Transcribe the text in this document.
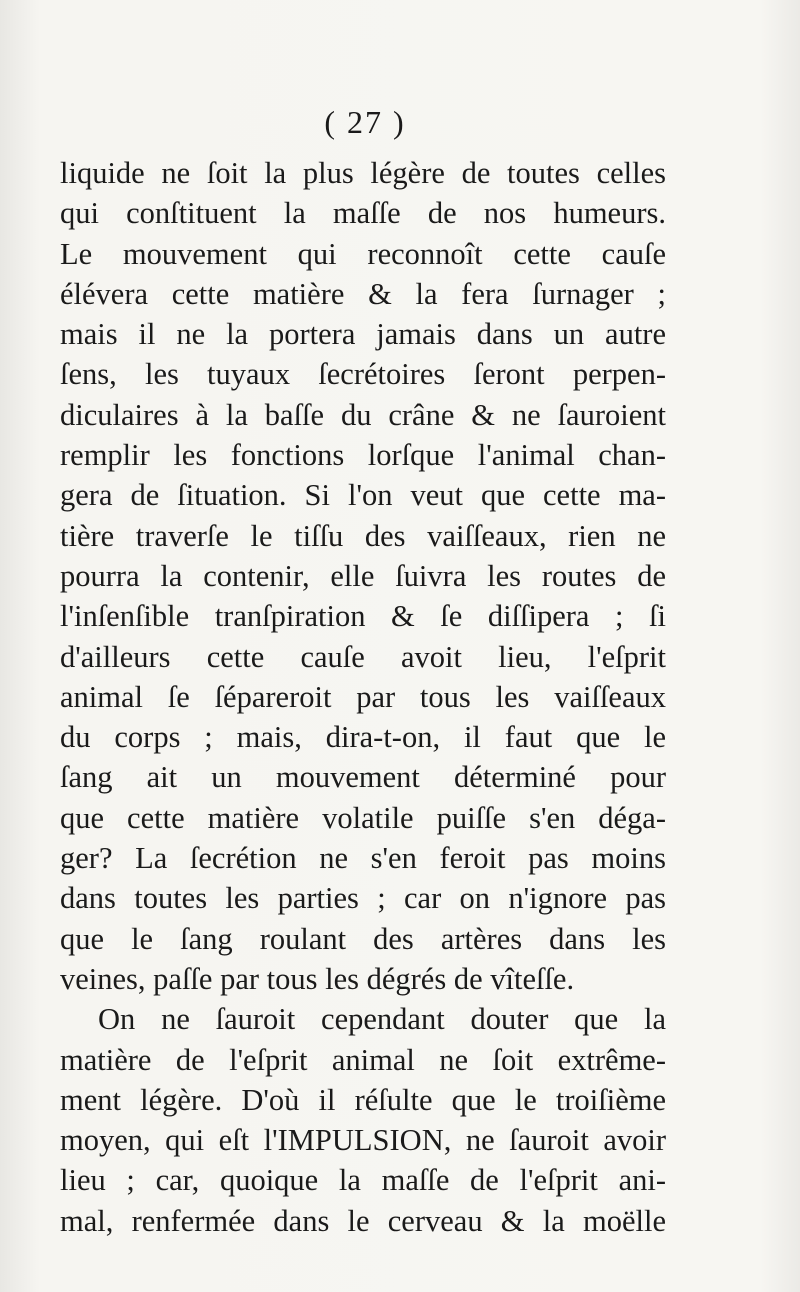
( 27 )
liquide ne ſoit la plus légère de toutes celles
qui conſtituent la maſſe de nos humeurs.
Le mouvement qui reconnoît cette cauſe
élévera cette matière & la fera ſurnager ;
mais il ne la portera jamais dans un autre
ſens, les tuyaux ſecrétoires ſeront perpen-
diculaires à la baſſe du crâne & ne ſauroient
remplir les fonctions lorſque l'animal chan-
gera de ſituation. Si l'on veut que cette ma-
tière traverſe le tiſſu des vaiſſeaux, rien ne
pourra la contenir, elle ſuivra les routes de
l'inſenſible tranſpiration & ſe diſſipera ; ſi
d'ailleurs cette cauſe avoit lieu, l'eſprit
animal ſe ſépareroit par tous les vaiſſeaux
du corps ; mais, dira-t-on, il faut que le
ſang ait un mouvement déterminé pour
que cette matière volatile puiſſe s'en déga-
ger? La ſecrétion ne s'en feroit pas moins
dans toutes les parties ; car on n'ignore pas
que le ſang roulant des artères dans les
veines, paſſe par tous les dégrés de vîteſſe.
On ne ſauroit cependant douter que la
matière de l'eſprit animal ne ſoit extrême-
ment légère. D'où il réſulte que le troiſième
moyen, qui eſt l'IMPULSION, ne ſauroit avoir
lieu ; car, quoique la maſſe de l'eſprit ani-
mal, renfermée dans le cerveau & la moëlle
